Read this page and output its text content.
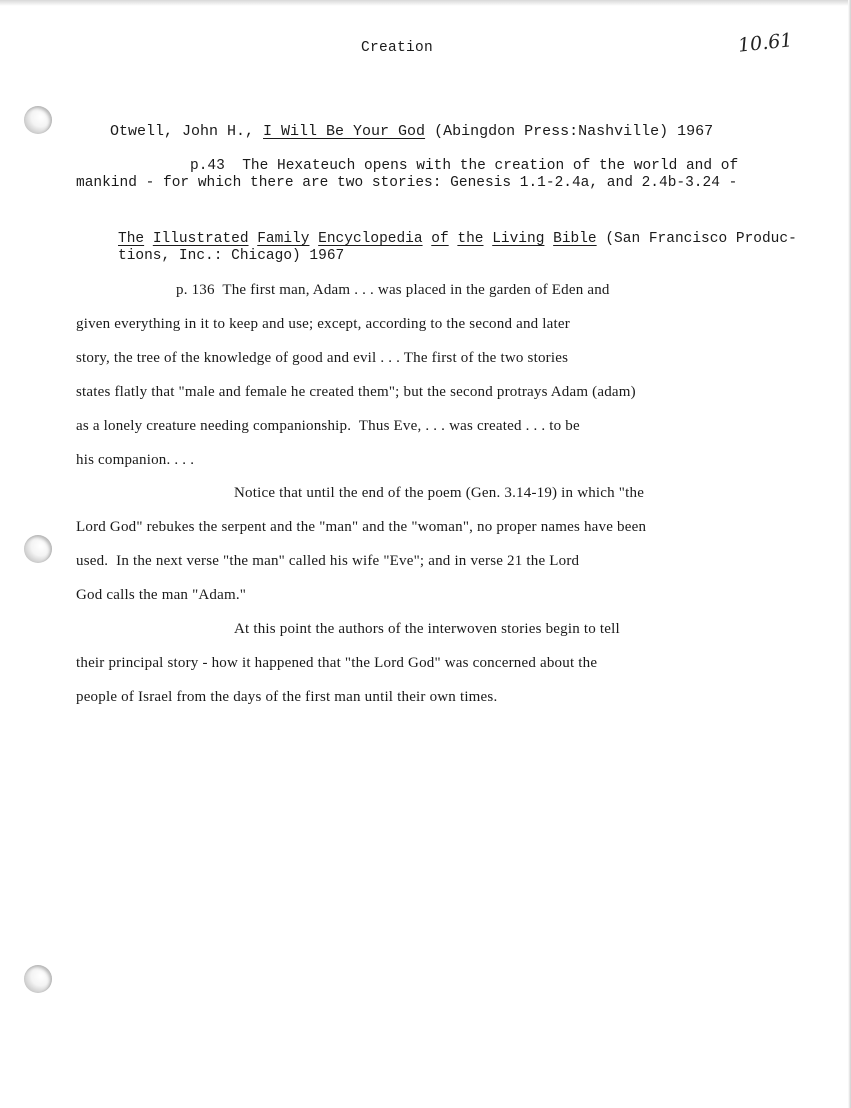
Creation	10.61
Otwell, John H., I Will Be Your God (Abingdon Press:Nashville) 1967
p.43  The Hexateuch opens with the creation of the world and of
mankind - for which there are two stories: Genesis 1.1-2.4a, and 2.4b-3.24 -
The Illustrated Family Encyclopedia of the Living Bible (San Francisco Produc-
tions, Inc.: Chicago) 1967
p. 136  The first man, Adam . . . was placed in the garden of Eden and
given everything in it to keep and use; except, according to the second and later
story, the tree of the knowledge of good and evil . . . The first of the two stories
states flatly that "male and female he created them"; but the second protrays Adam (adam)
as a lonely creature needing companionship.  Thus Eve, . . . was created . . . to be
his companion. . . .
Notice that until the end of the poem (Gen. 3.14-19) in which "the
Lord God" rebukes the serpent and the "man" and the "woman", no proper names have been
used.  In the next verse "the man" called his wife "Eve"; and in verse 21 the Lord
God calls the man "Adam."
At this point the authors of the interwoven stories begin to tell
their principal story - how it happened that "the Lord God" was concerned about the
people of Israel from the days of the first man until their own times.
